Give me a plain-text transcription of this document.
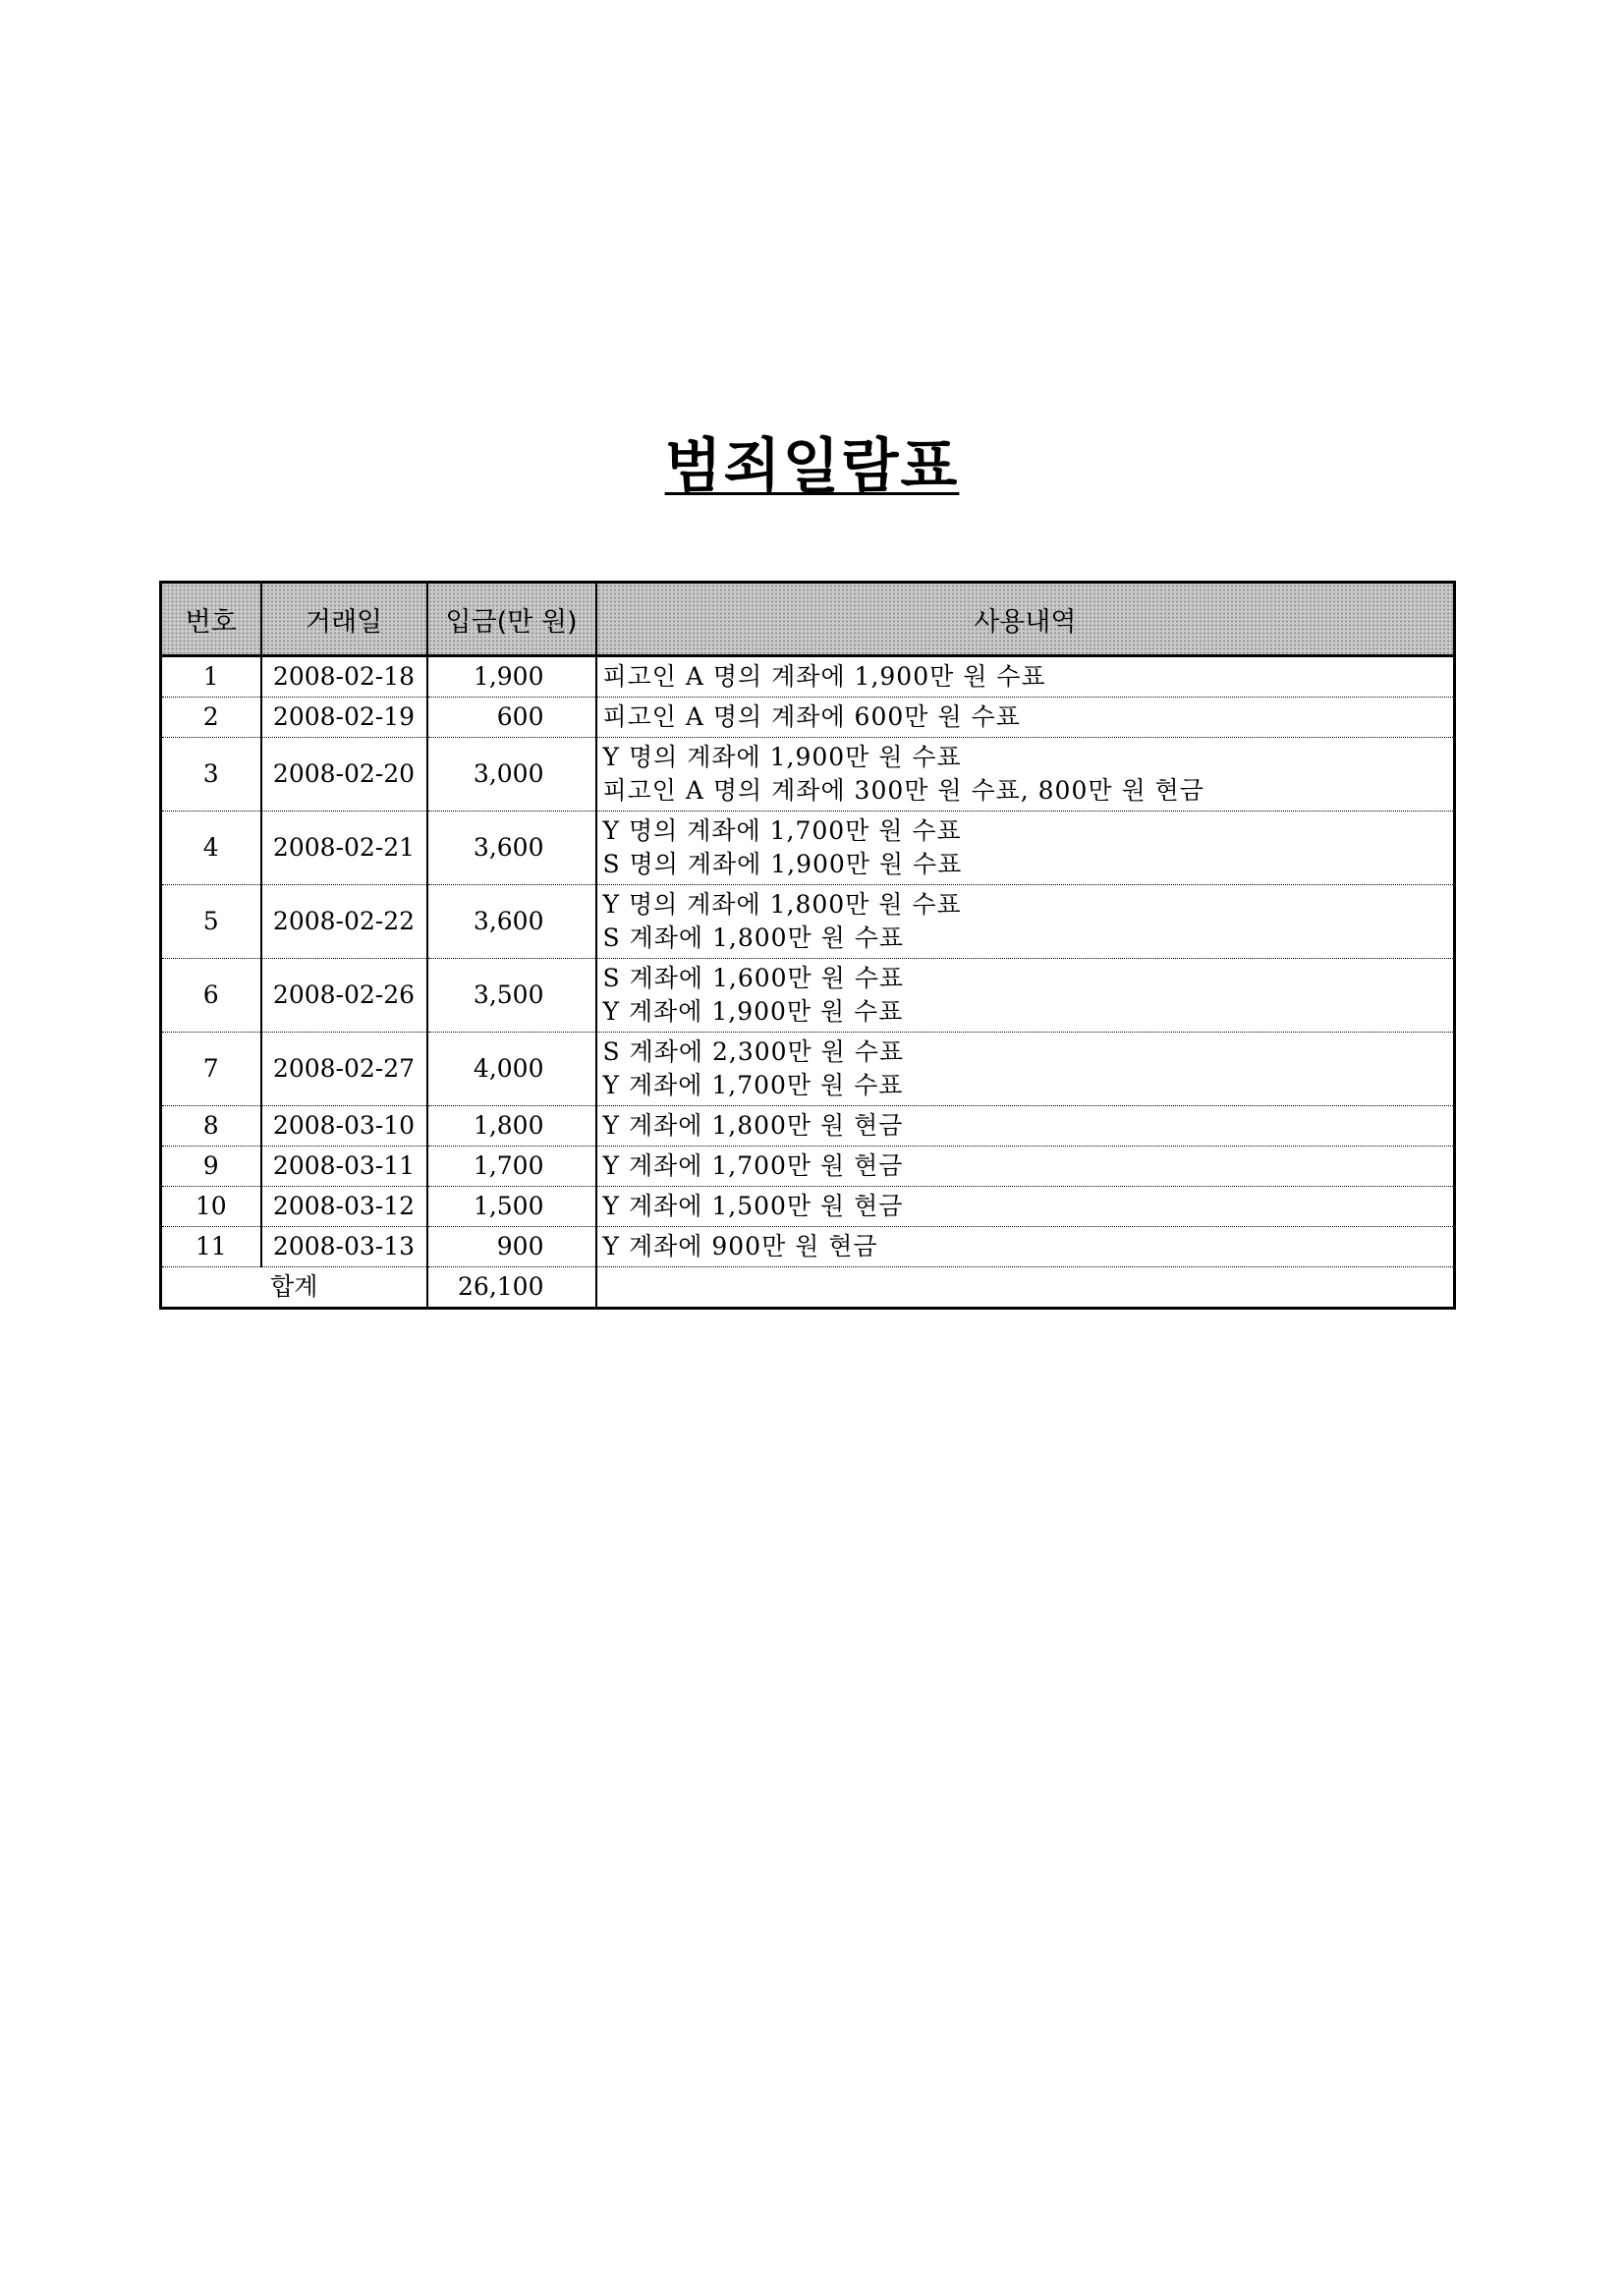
범죄일람표
번호	거래일	입금(만 원)	사용내역
1	2008-02-18	1,900	피고인 A 명의 계좌에 1,900만 원 수표

2	2008-02-19	600	피고인 A 명의 계좌에 600만 원 수표

3	2008-02-20	3,000	Y 명의 계좌에 1,900만 원 수표
피고인 A 명의 계좌에 300만 원 수표, 800만 원 현금

4	2008-02-21	3,600	Y 명의 계좌에 1,700만 원 수표
S 명의 계좌에 1,900만 원 수표

5	2008-02-22	3,600	Y 명의 계좌에 1,800만 원 수표
S 계좌에 1,800만 원 수표

6	2008-02-26	3,500	S 계좌에 1,600만 원 수표
Y 계좌에 1,900만 원 수표

7	2008-02-27	4,000	S 계좌에 2,300만 원 수표
Y 계좌에 1,700만 원 수표

8	2008-03-10	1,800	Y 계좌에 1,800만 원 현금

9	2008-03-11	1,700	Y 계좌에 1,700만 원 현금

10	2008-03-12	1,500	Y 계좌에 1,500만 원 현금

11	2008-03-13	900	Y 계좌에 900만 원 현금

합계		26,100	
